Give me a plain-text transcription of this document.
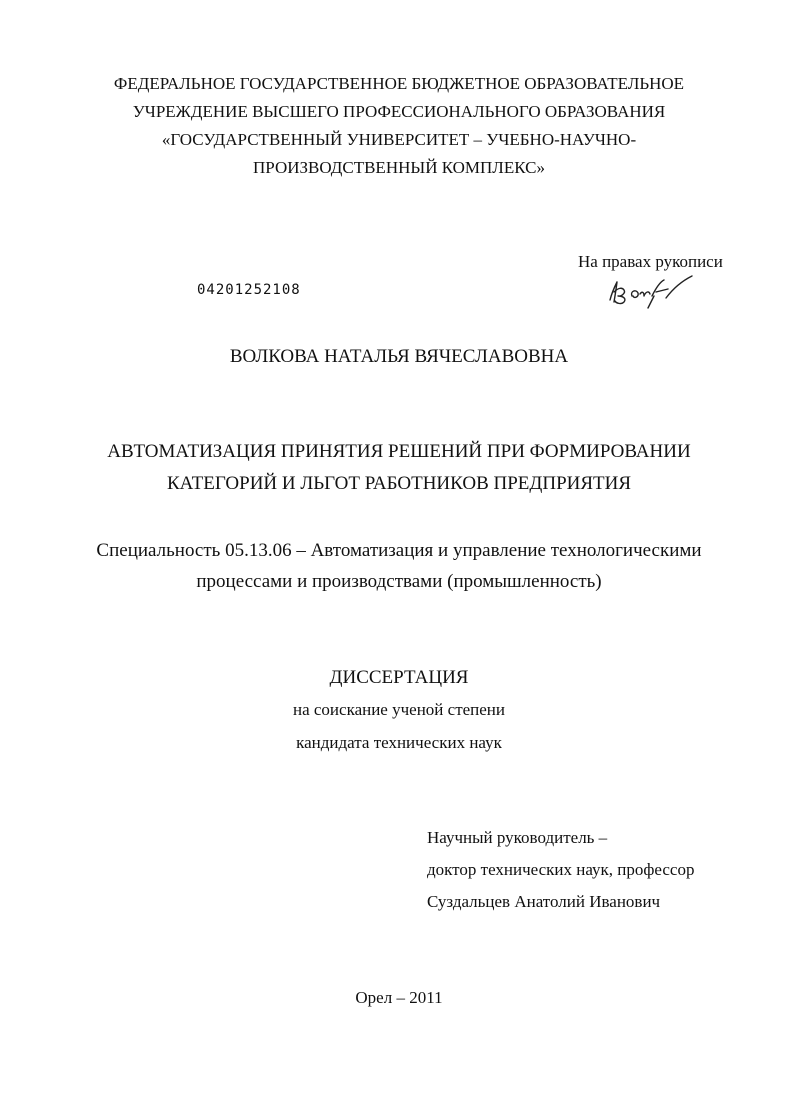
ФЕДЕРАЛЬНОЕ ГОСУДАРСТВЕННОЕ БЮДЖЕТНОЕ ОБРАЗОВАТЕЛЬНОЕ
УЧРЕЖДЕНИЕ ВЫСШЕГО ПРОФЕССИОНАЛЬНОГО ОБРАЗОВАНИЯ
«ГОСУДАРСТВЕННЫЙ УНИВЕРСИТЕТ – УЧЕБНО-НАУЧНО-
ПРОИЗВОДСТВЕННЫЙ КОМПЛЕКС»
На правах рукописи
04201252108
ВОЛКОВА НАТАЛЬЯ ВЯЧЕСЛАВОВНА
АВТОМАТИЗАЦИЯ ПРИНЯТИЯ РЕШЕНИЙ ПРИ ФОРМИРОВАНИИ
КАТЕГОРИЙ И ЛЬГОТ РАБОТНИКОВ ПРЕДПРИЯТИЯ
Специальность 05.13.06 – Автоматизация и управление технологическими
процессами и производствами (промышленность)
ДИССЕРТАЦИЯ
на соискание ученой степени
кандидата технических наук
Научный руководитель –
доктор технических наук, профессор
Суздальцев Анатолий Иванович
Орел – 2011
